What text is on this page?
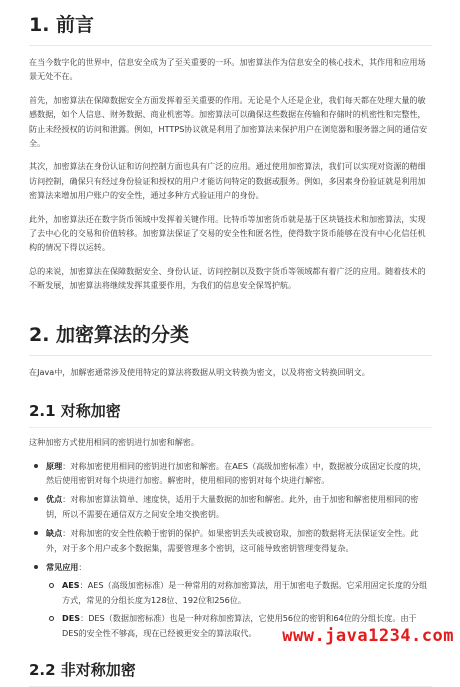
1. 前言

在当今数字化的世界中，信息安全成为了至关重要的一环。加密算法作为信息安全的核心技术，其作用和应用场景无处不在。

首先，加密算法在保障数据安全方面发挥着至关重要的作用。无论是个人还是企业，我们每天都在处理大量的敏感数据，如个人信息、财务数据、商业机密等。加密算法可以确保这些数据在传输和存储时的机密性和完整性，防止未经授权的访问和泄露。例如，HTTPS协议就是利用了加密算法来保护用户在浏览器和服务器之间的通信安全。

其次，加密算法在身份认证和访问控制方面也具有广泛的应用。通过使用加密算法，我们可以实现对资源的精细访问控制，确保只有经过身份验证和授权的用户才能访问特定的数据或服务。例如，多因素身份验证就是利用加密算法来增加用户账户的安全性，通过多种方式验证用户的身份。

此外，加密算法还在数字货币领域中发挥着关键作用。比特币等加密货币就是基于区块链技术和加密算法，实现了去中心化的交易和价值转移。加密算法保证了交易的安全性和匿名性，使得数字货币能够在没有中心化信任机构的情况下得以运转。

总的来说，加密算法在保障数据安全、身份认证、访问控制以及数字货币等领域都有着广泛的应用。随着技术的不断发展，加密算法将继续发挥其重要作用，为我们的信息安全保驾护航。

2. 加密算法的分类

在Java中，加解密通常涉及使用特定的算法将数据从明文转换为密文，以及将密文转换回明文。

2.1 对称加密

这种加密方式使用相同的密钥进行加密和解密。

原理：对称加密使用相同的密钥进行加密和解密。在AES（高级加密标准）中，数据被分成固定长度的块，然后使用密钥对每个块进行加密。解密时，使用相同的密钥对每个块进行解密。
优点：对称加密算法简单、速度快，适用于大量数据的加密和解密。此外，由于加密和解密使用相同的密钥，所以不需要在通信双方之间安全地交换密钥。
缺点：对称加密的安全性依赖于密钥的保护。如果密钥丢失或被窃取，加密的数据将无法保证安全性。此外，对于多个用户或多个数据集，需要管理多个密钥，这可能导致密钥管理变得复杂。
常见应用：
AES：AES（高级加密标准）是一种常用的对称加密算法，用于加密电子数据。它采用固定长度的分组方式，常见的分组长度为128位、192位和256位。
DES：DES（数据加密标准）也是一种对称加密算法，它使用56位的密钥和64位的分组长度。由于DES的安全性不够高，现在已经被更安全的算法取代。
2.2 非对称加密
www.java1234.com
